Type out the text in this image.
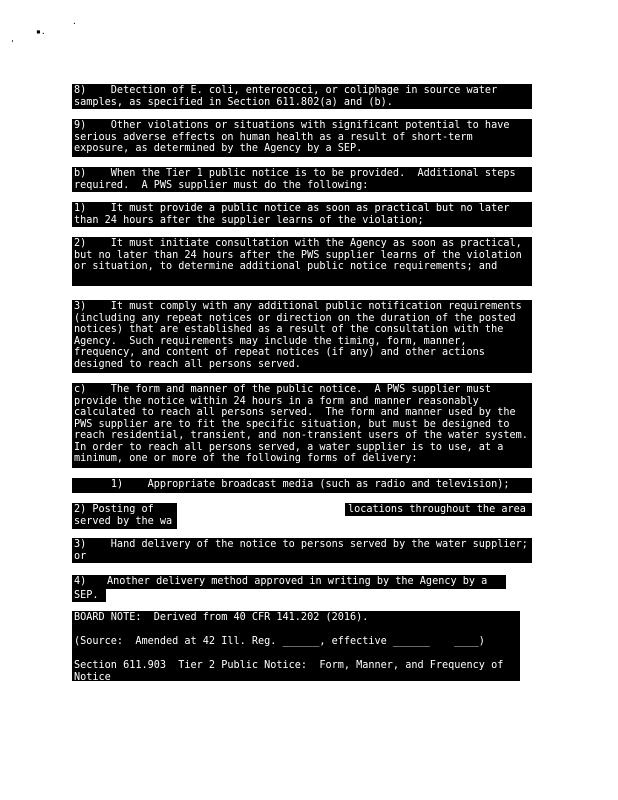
▪.
·
'
8)    Detection of E. coli, enterococci, or coliphage in source water samples, as specified in Section 611.802(a) and (b).
9)    Other violations or situations with significant potential to have serious adverse effects on human health as a result of short-term exposure, as determined by the Agency by a SEP.
b)    When the Tier 1 public notice is to be provided.  Additional steps required.  A PWS supplier must do the following:
1)    It must provide a public notice as soon as practical but no later than 24 hours after the supplier learns of the violation;
2)    It must initiate consultation with the Agency as soon as practical, but no later than 24 hours after the PWS supplier learns of the violation or situation, to determine additional public notice requirements; and
3)    It must comply with any additional public notification requirements (including any repeat notices or direction on the duration of the posted notices) that are established as a result of the consultation with the Agency.  Such requirements may include the timing, form, manner, frequency, and content of repeat notices (if any) and other actions designed to reach all persons served.
c)    The form and manner of the public notice.  A PWS supplier must provide the notice within 24 hours in a form and manner reasonably calculated to reach all persons served.  The form and manner used by the PWS supplier are to fit the specific situation, but must be designed to reach residential, transient, and non-transient users of the water system.  In order to reach all persons served, a water supplier is to use, at a minimum, one or more of the following forms of delivery:
1)    Appropriate broadcast media (such as radio and television);
2) Posting of	locations throughout the area
served by the wa
3)    Hand delivery of the notice to persons served by the water supplier; or
SEP.
4) Another delivery method approved in writing by the Agency by a
BOARD NOTE:  Derived from 40 CFR 141.202 (2016).
(Source:  Amended at 42 Ill. Reg. ______, effective ______    ____)
Section 611.903  Tier 2 Public Notice:  Form, Manner, and Frequency of Notice
